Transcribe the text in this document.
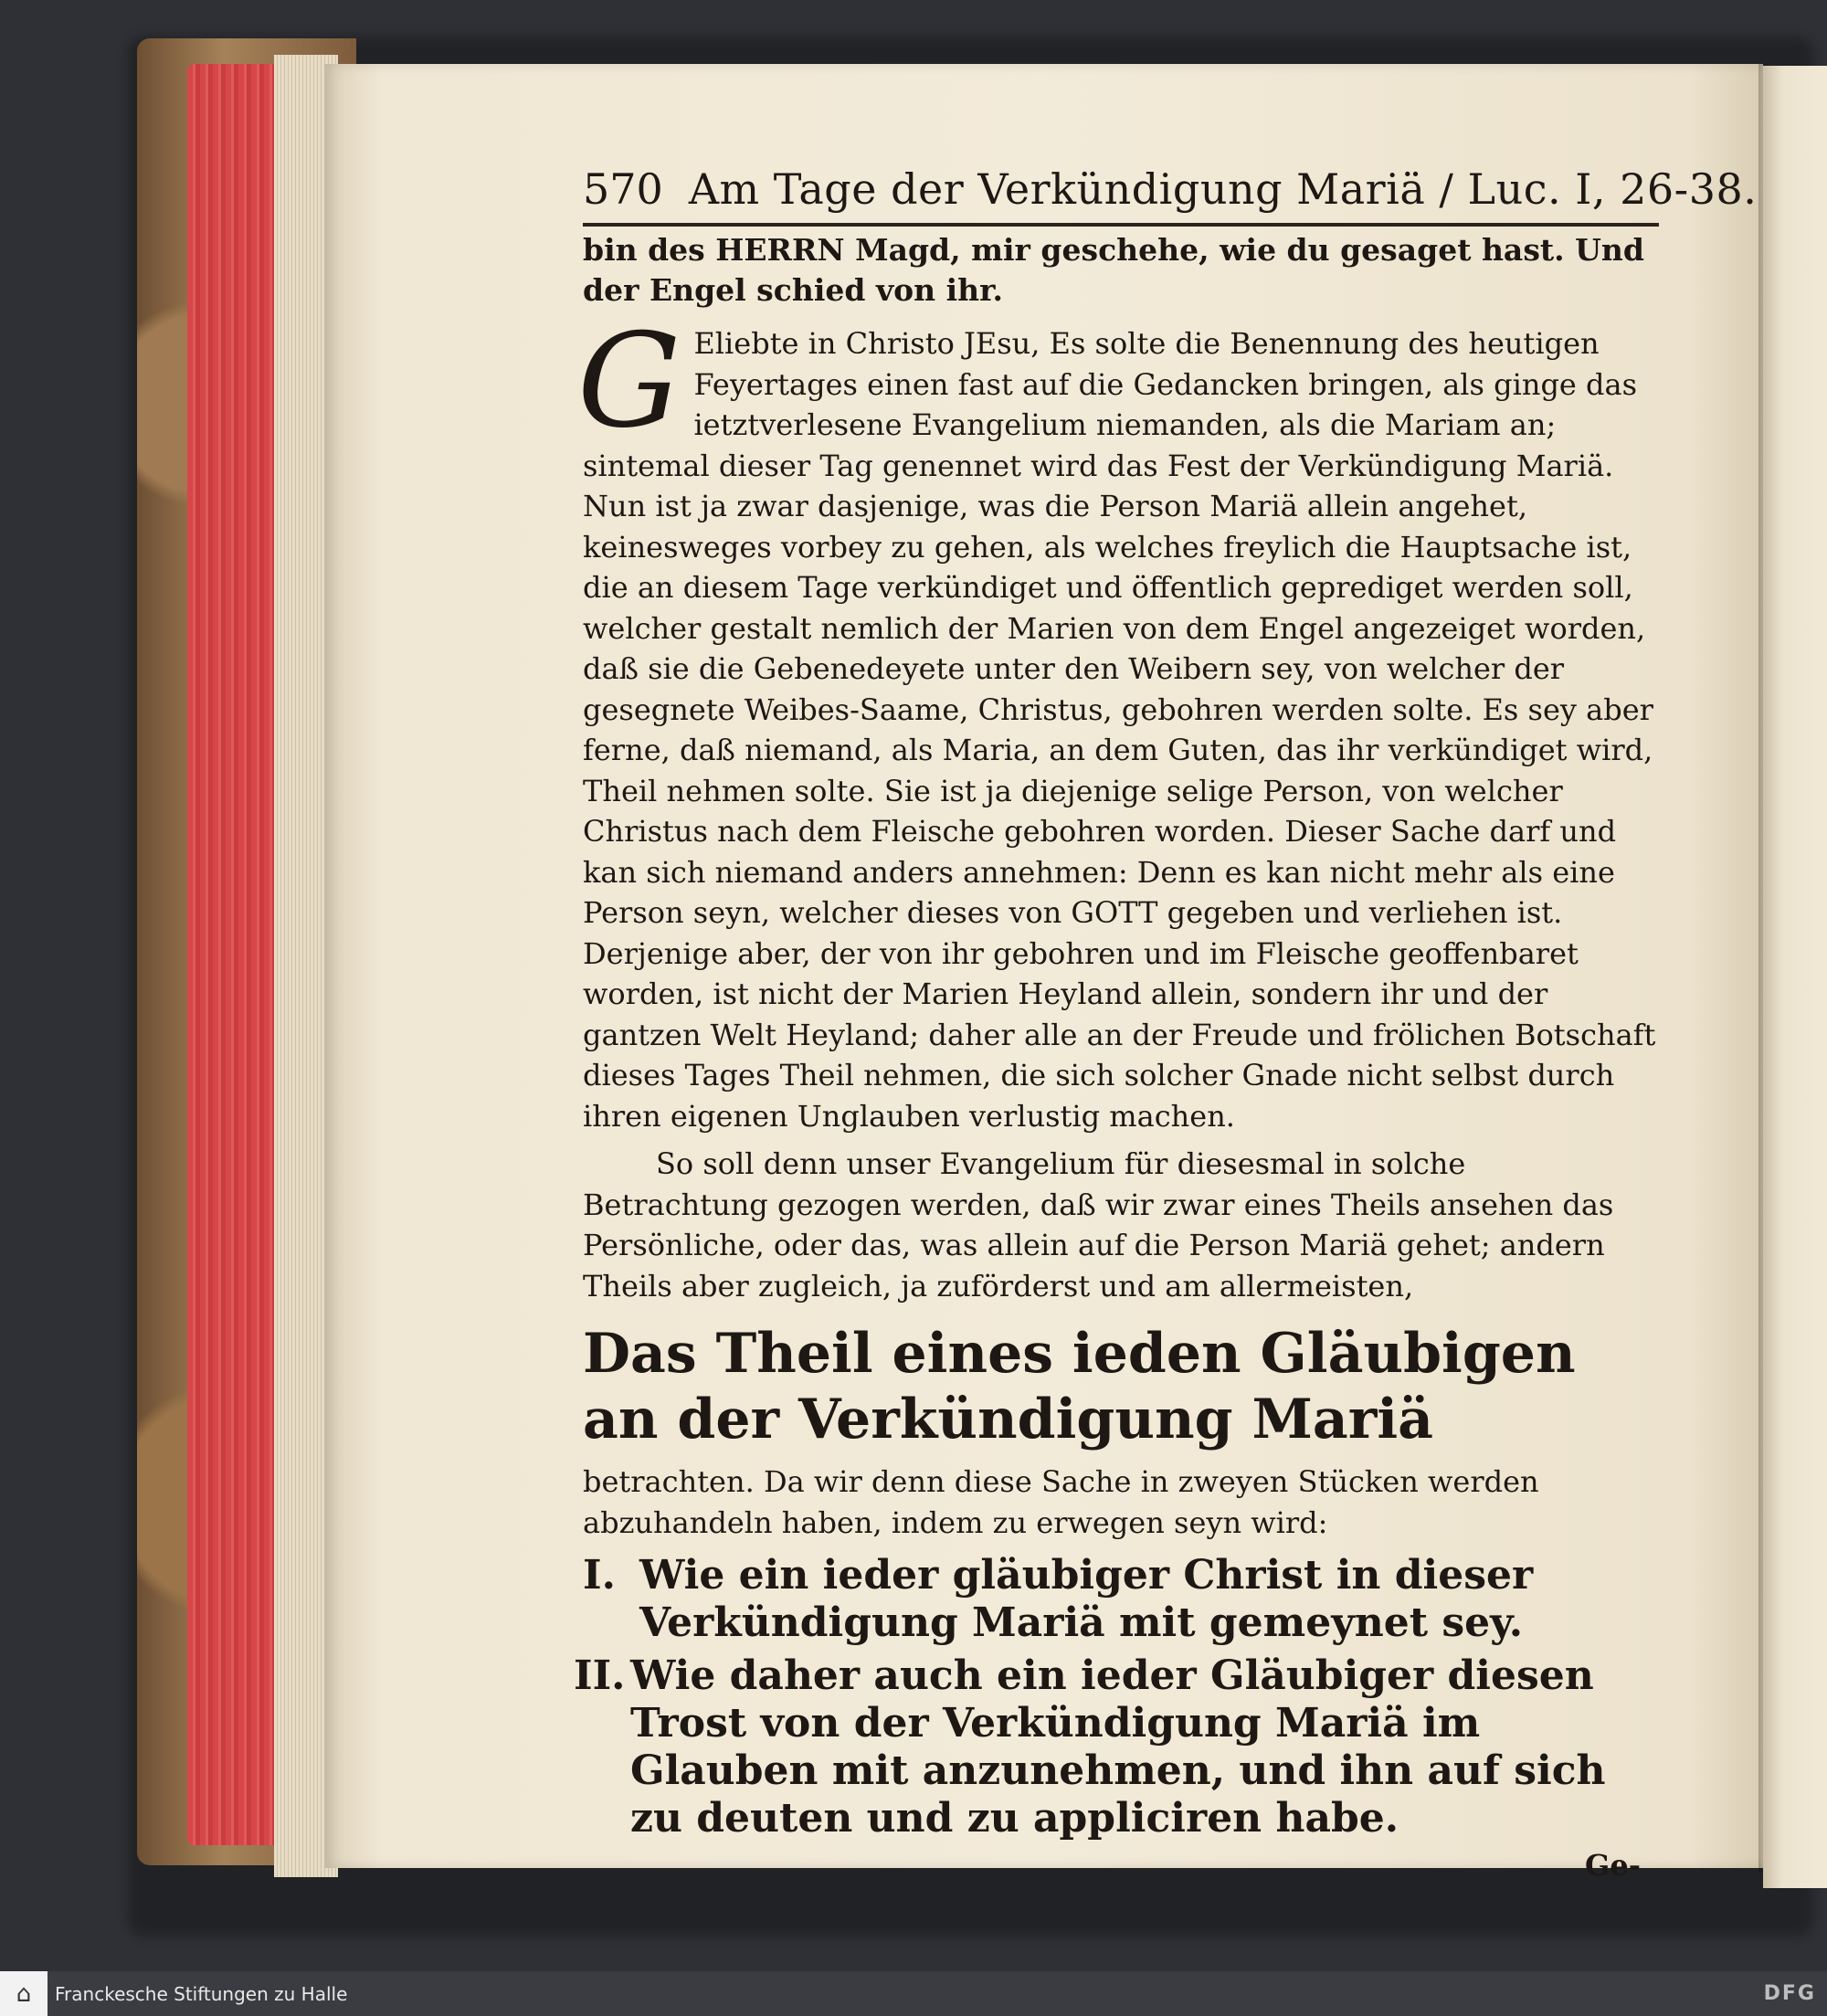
570 Am Tage der Verkündigung Mariä / Luc. I, 26-38.
bin des HERRN Magd, mir geschehe, wie du gesaget hast. Und der Engel schied von ihr.
G Eliebte in Christo JEsu, Es solte die Benennung des heutigen Feyertages einen fast auf die Gedancken bringen, als ginge das ietztverlesene Evangelium niemanden, als die Mariam an; sintemal dieser Tag genennet wird das Fest der Verkündigung Mariä. Nun ist ja zwar dasjenige, was die Person Mariä allein angehet, keinesweges vorbey zu gehen, als welches freylich die Hauptsache ist, die an diesem Tage verkündiget und öffentlich geprediget werden soll, welcher gestalt nemlich der Marien von dem Engel angezeiget worden, daß sie die Gebenedeyete unter den Weibern sey, von welcher der gesegnete Weibes-Saame, Christus, gebohren werden solte. Es sey aber ferne, daß niemand, als Maria, an dem Guten, das ihr verkündiget wird, Theil nehmen solte. Sie ist ja diejenige selige Person, von welcher Christus nach dem Fleische gebohren worden. Dieser Sache darf und kan sich niemand anders annehmen: Denn es kan nicht mehr als eine Person seyn, welcher dieses von GOTT gegeben und verliehen ist. Derjenige aber, der von ihr gebohren und im Fleische geoffenbaret worden, ist nicht der Marien Heyland allein, sondern ihr und der gantzen Welt Heyland; daher alle an der Freude und frölichen Botschaft dieses Tages Theil nehmen, die sich solcher Gnade nicht selbst durch ihren eigenen Unglauben verlustig machen.
So soll denn unser Evangelium für diesesmal in solche Betrachtung gezogen werden, daß wir zwar eines Theils ansehen das Persönliche, oder das, was allein auf die Person Mariä gehet; andern Theils aber zugleich, ja zuförderst und am allermeisten,
Das Theil eines ieden Gläubigen an der Verkündigung Mariä
betrachten. Da wir denn diese Sache in zweyen Stücken werden abzuhandeln haben, indem zu erwegen seyn wird:
I. Wie ein ieder gläubiger Christ in dieser Verkündigung Mariä mit gemeynet sey.
II. Wie daher auch ein ieder Gläubiger diesen Trost von der Verkündigung Mariä im Glauben mit anzunehmen, und ihn auf sich zu deuten und zu appliciren habe.
Ge-
⌂	Franckesche Stiftungen zu Halle	DFG
